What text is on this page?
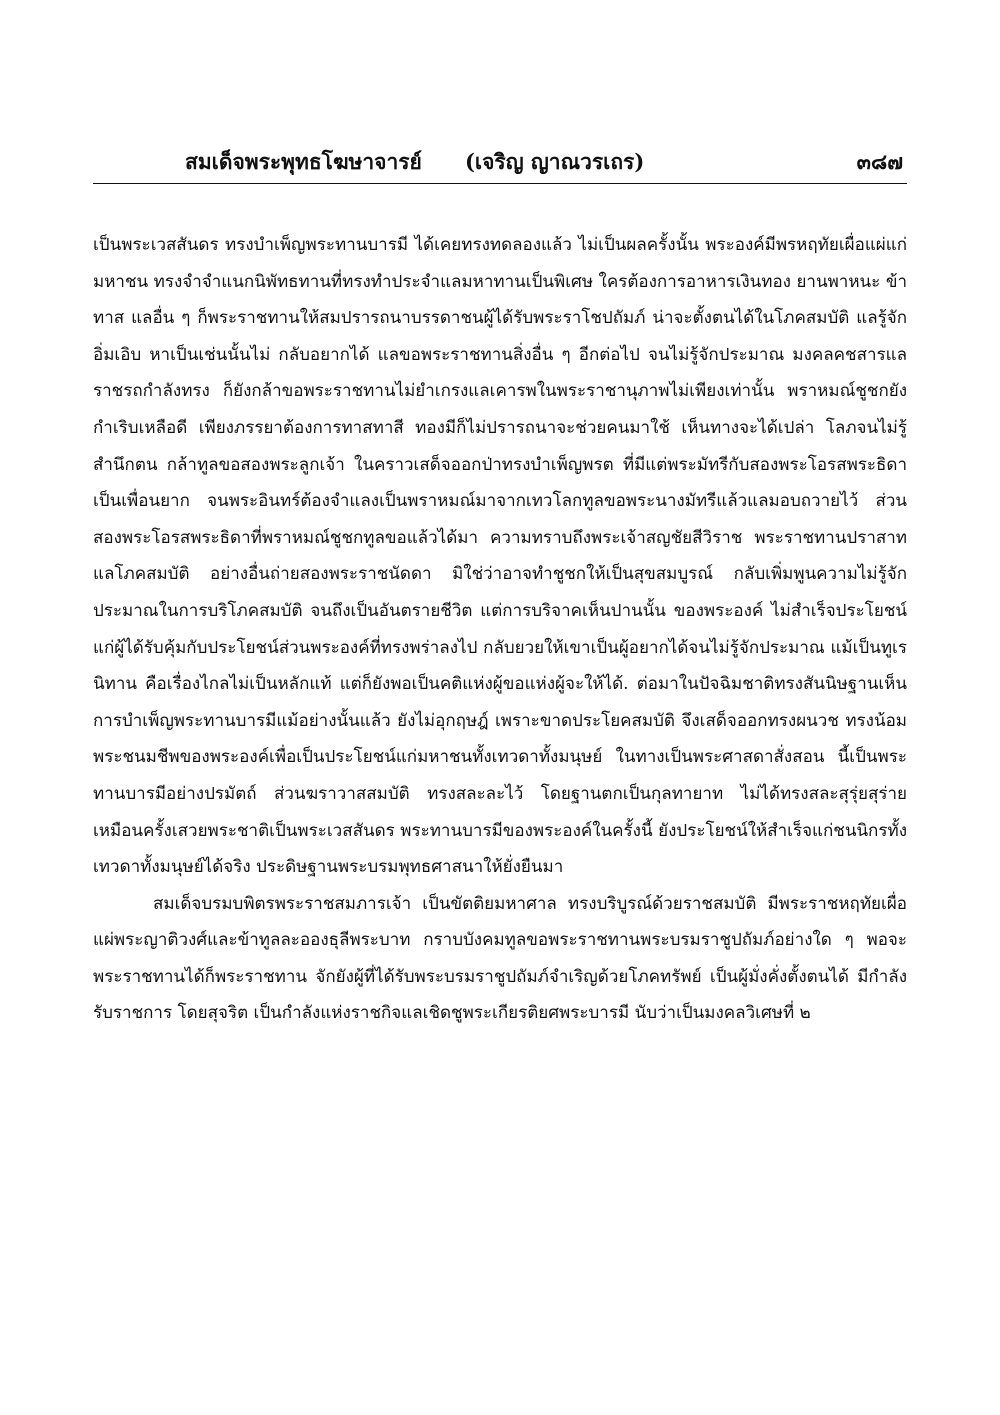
สมเด็จพระพุทธโฆษาจารย์ (เจริญ ญาณวรเถร)	๓๘๗

เป็นพระเวสสันดร ทรงบำเพ็ญพระทานบารมี ได้เคยทรงทดลองแล้ว ไม่เป็นผลครั้งนั้น พระองค์มีพรหฤทัยเผื่อแผ่แก่มหาชน ทรงจำจำแนกนิพัทธทานที่ทรงทำประจำแลมหาทานเป็นพิเศษ ใครต้องการอาหารเงินทอง ยานพาหนะ ข้าทาส แลอื่น ๆ ก็พระราชทานให้สมปรารถนาบรรดาชนผู้ได้รับพระราโชปถัมภ์ น่าจะตั้งตนได้ในโภคสมบัติ แลรู้จักอิ่มเอิบ หาเป็นเช่นนั้นไม่ กลับอยากได้ แลขอพระราชทานสิ่งอื่น ๆ อีกต่อไป จนไม่รู้จักประมาณ มงคลคชสารแลราชรถกำลังทรง ก็ยังกล้าขอพระราชทานไม่ยำเกรงแลเคารพในพระราชานุภาพไม่เพียงเท่านั้น พราหมณ์ชูชกยังกำเริบเหลือดี เพียงภรรยาต้องการทาสทาสี ทองมีก็ไม่ปรารถนาจะช่วยคนมาใช้ เห็นทางจะได้เปล่า โลภจนไม่รู้สำนึกตน กล้าทูลขอสองพระลูกเจ้า ในคราวเสด็จออกป่าทรงบำเพ็ญพรต ที่มีแต่พระมัทรีกับสองพระโอรสพระธิดา เป็นเพื่อนยาก จนพระอินทร์ต้องจำแลงเป็นพราหมณ์มาจากเทวโลกทูลขอพระนางมัทรีแล้วแลมอบถวายไว้ ส่วนสองพระโอรสพระธิดาที่พราหมณ์ชูชกทูลขอแล้วได้มา ความทราบถึงพระเจ้าสญชัยสีวิราช พระราชทานปราสาทแลโภคสมบัติ อย่างอื่นถ่ายสองพระราชนัดดา มิใช่ว่าอาจทำชูชกให้เป็นสุขสมบูรณ์ กลับเพิ่มพูนความไม่รู้จักประมาณในการบริโภคสมบัติ จนถึงเป็นอันตรายชีวิต แต่การบริจาคเห็นปานนั้น ของพระองค์ ไม่สำเร็จประโยชน์แก่ผู้ได้รับคุ้มกับประโยชน์ส่วนพระองค์ที่ทรงพร่าลงไป กลับยวยให้เขาเป็นผู้อยากได้จนไม่รู้จักประมาณ แม้เป็นทูเรนิทาน คือเรื่องไกลไม่เป็นหลักแท้ แต่ก็ยังพอเป็นคติแห่งผู้ขอแห่งผู้จะให้ได้. ต่อมาในปัจฉิมชาติทรงสันนิษฐานเห็นการบำเพ็ญพระทานบารมีแม้อย่างนั้นแล้ว ยังไม่อุกฤษฎ์ เพราะขาดประโยคสมบัติ จึงเสด็จออกทรงผนวช ทรงน้อมพระชนมชีพของพระองค์เพื่อเป็นประโยชน์แก่มหาชนทั้งเทวดาทั้งมนุษย์ ในทางเป็นพระศาสดาสั่งสอน นี้เป็นพระทานบารมีอย่างปรมัตถ์ ส่วนฆราวาสสมบัติ ทรงสละละไว้ โดยฐานตกเป็นกุลทายาท ไม่ได้ทรงสละสุรุ่ยสุร่ายเหมือนครั้งเสวยพระชาติเป็นพระเวสสันดร พระทานบารมีของพระองค์ในครั้งนี้ ยังประโยชน์ให้สำเร็จแก่ชนนิกรทั้งเทวดาทั้งมนุษย์ได้จริง ประดิษฐานพระบรมพุทธศาสนาให้ยั่งยืนมา

สมเด็จบรมบพิตรพระราชสมภารเจ้า เป็นขัตติยมหาศาล ทรงบริบูรณ์ด้วยราชสมบัติ มีพระราชหฤทัยเผื่อแผ่พระญาติวงศ์และข้าทูลละอองธุลีพระบาท กราบบังคมทูลขอพระราชทานพระบรมราชูปถัมภ์อย่างใด ๆ พอจะพระราชทานได้ก็พระราชทาน จักยังผู้ที่ได้รับพระบรมราชูปถัมภ์จำเริญด้วยโภคทรัพย์ เป็นผู้มั่งคั่งตั้งตนได้ มีกำลังรับราชการ โดยสุจริต เป็นกำลังแห่งราชกิจแลเชิดชูพระเกียรติยศพระบารมี นับว่าเป็นมงคลวิเศษที่ ๒
